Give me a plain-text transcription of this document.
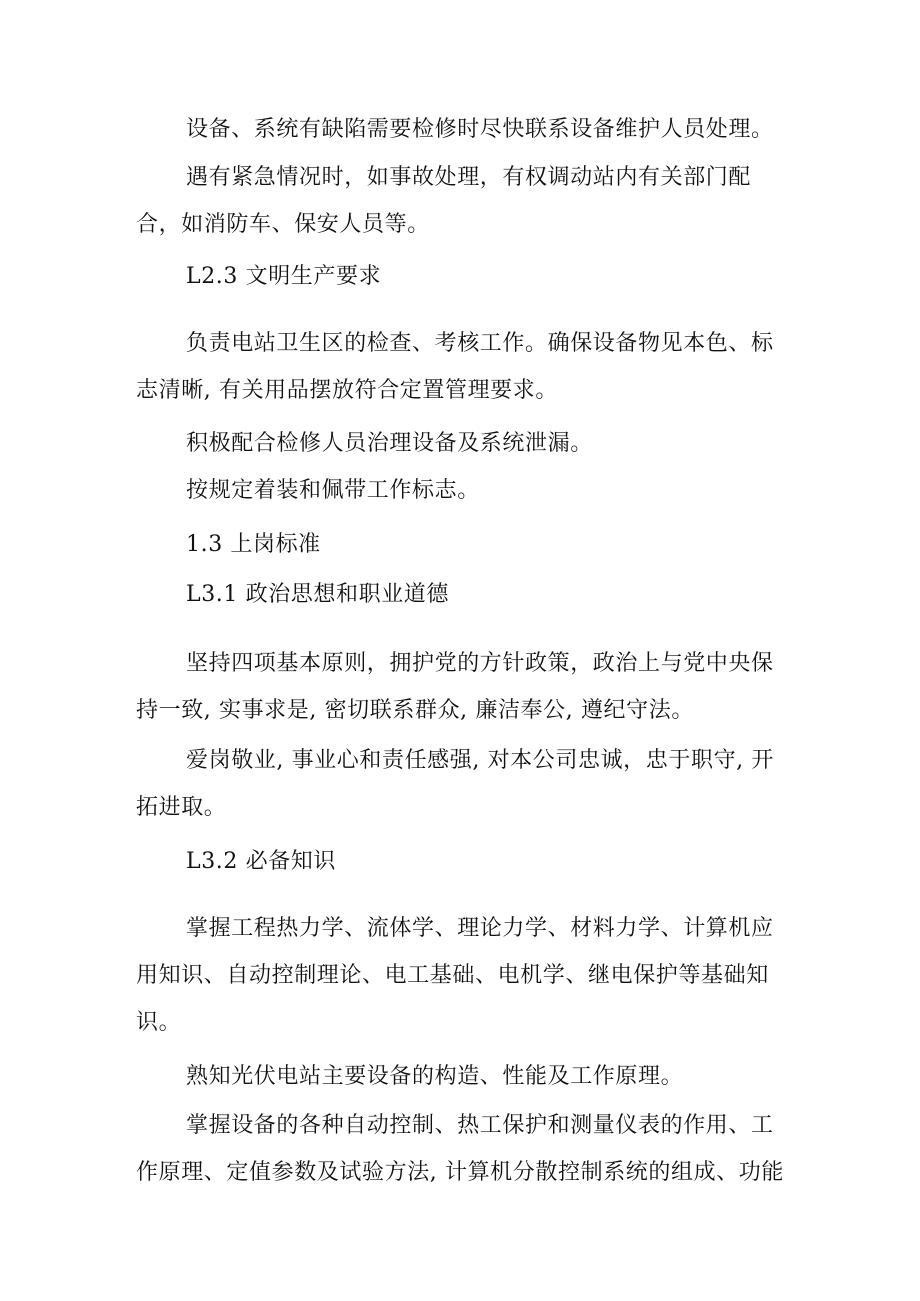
设备、系统有缺陷需要检修时尽快联系设备维护人员处理。
遇有紧急情况时，如事故处理，有权调动站内有关部门配合，如消防车、保安人员等。
L2.3 文明生产要求
负责电站卫生区的检查、考核工作。确保设备物见本色、标志清晰, 有关用品摆放符合定置管理要求。
积极配合检修人员治理设备及系统泄漏。
按规定着装和佩带工作标志。
1.3 上岗标准
L3.1 政治思想和职业道德
坚持四项基本原则，拥护党的方针政策，政治上与党中央保持一致, 实事求是, 密切联系群众, 廉洁奉公, 遵纪守法。
爱岗敬业, 事业心和责任感强, 对本公司忠诚，忠于职守, 开拓进取。
L3.2 必备知识
掌握工程热力学、流体学、理论力学、材料力学、计算机应用知识、自动控制理论、电工基础、电机学、继电保护等基础知识。
熟知光伏电站主要设备的构造、性能及工作原理。
掌握设备的各种自动控制、热工保护和测量仪表的作用、工作原理、定值参数及试验方法, 计算机分散控制系统的组成、功能
